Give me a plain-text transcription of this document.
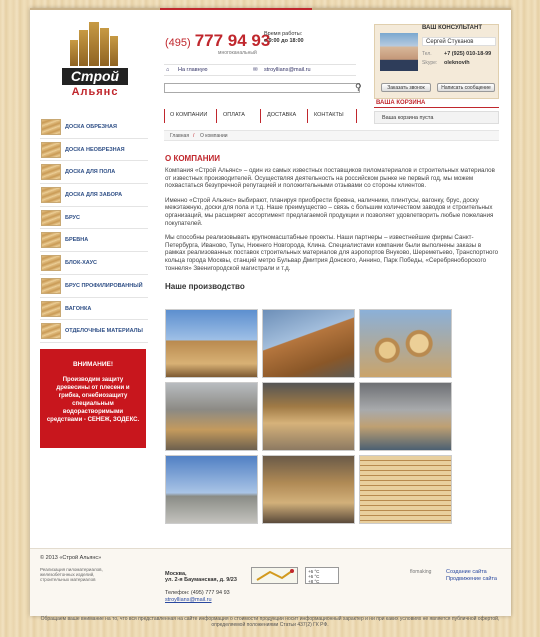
Строй
Альянс
(495) 777 94 93
многоканальный
Время работы:
с 9:00 до 18:00
⌂ На главную	✉ stroyllians@mail.ru
⚲
ВАШ КОНСУЛЬТАНТ
Сергей Стуканов
Тел. +7 (925) 010-18-99
Skype: oleknovih
Заказать звонок	Написать сообщение
ВАША КОРЗИНА
Ваша корзина пуста
О КОМПАНИИ	ОПЛАТА	ДОСТАВКА	КОНТАКТЫ
Главная / О компании
ДОСКА ОБРЕЗНАЯ
ДОСКА НЕОБРЕЗНАЯ
ДОСКА ДЛЯ ПОЛА
ДОСКА ДЛЯ ЗАБОРА
БРУС
БРЕВНА
БЛОК-ХАУС
БРУС ПРОФИЛИРОВАННЫЙ
ВАГОНКА
ОТДЕЛОЧНЫЕ МАТЕРИАЛЫ
ВНИМАНИЕ!
Производим защиту древесины от плесени и грибка, огнебиозащиту специальным водорастворимыми средствами - СЕНЕЖ, ЗОДЕКС.
О КОМПАНИИ

Компания «Строй Альянс» – один из самых известных поставщиков пиломатериалов и строительных материалов от известных производителей. Осуществляя деятельность на российском рынке не первый год, мы можем похвастаться безупречной репутацией и положительными отзывами со стороны клиентов.

Именно «Строй Альянс» выбирают, планируя приобрести бревна, наличники, плинтусы, вагонку, брус, доску межэтажную, доски для пола и т.д. Наше преимущество – связь с большим количеством заводов и строительных организаций, мы расширяет ассортимент предлагаемой продукции и позволяет удовлетворить любые пожелания покупателей.

Мы способны реализовывать крупномасштабные проекты. Наши партнеры – известнейшие фирмы Санкт-Петербурга, Иваново, Тулы, Нижнего Новгорода, Клина. Специалистами компании были выполнены заказы в рамках реализованных поставок строительных материалов для аэропортов Внуково, Шереметьево, Транспортного кольца города Москвы, станций метро Бульвар Дмитрия Донского, Аннино, Парк Победы, «Серебряноборского тоннеля» Звенигородской магистрали и т.д.

Наше производство
© 2013 «Строй Альянс»
Реализация пиломатериалов, железобетонных изделий, строительных материалов
Москва,
ул. 2-я Бауманская, д. 9/23
Телефон: (495) 777 94 93
stroyllians@mail.ru
+6 °C
+6 °C
+8 °C
flomaking	Создание сайта
Продвижение сайта
Обращаем ваше внимание на то, что вся представленная на сайте информация о стоимости продукции носит информационный характер и ни при каких условиях не является публичной офертой, определяемой положениями Статьи 437(2) ГК РФ.
